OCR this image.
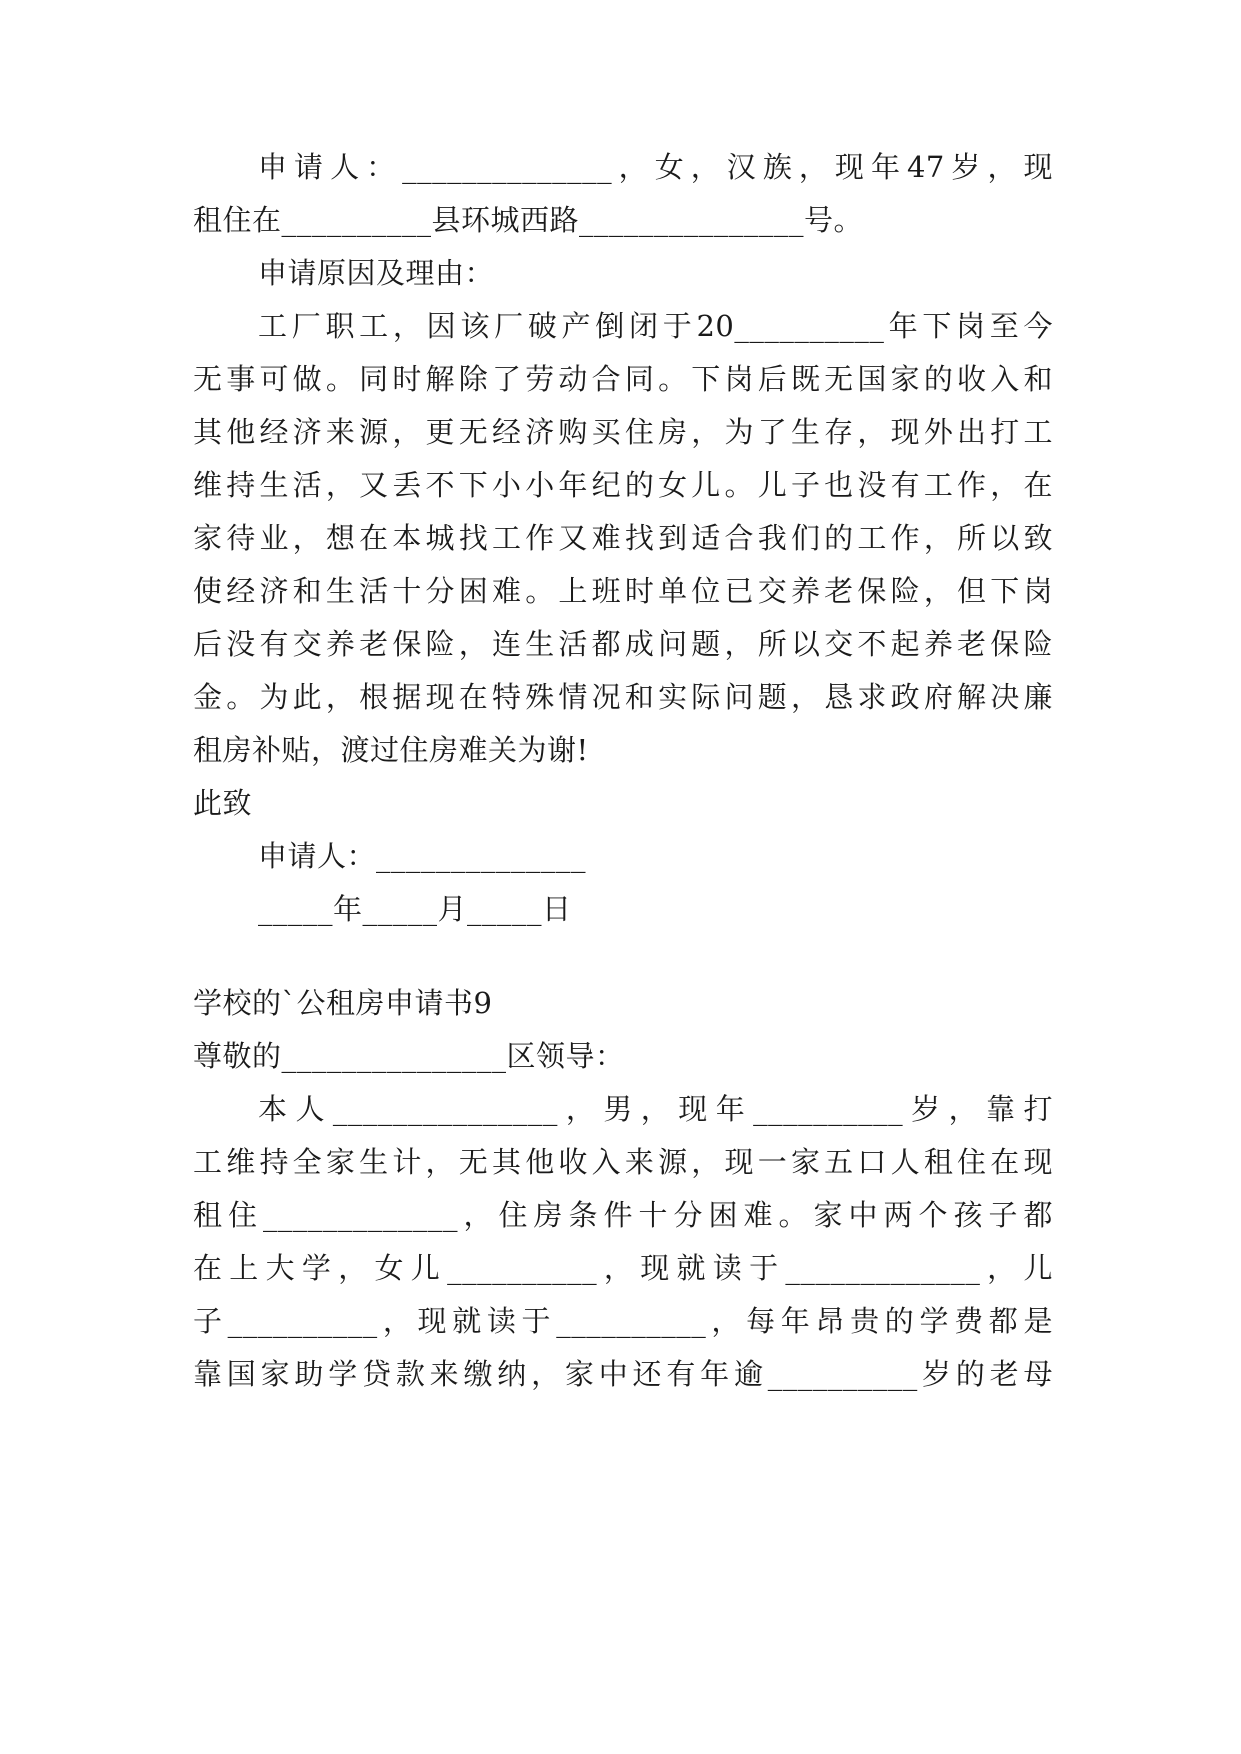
申请人：______________，女，汉族，现年47岁，现
租住在__________县环城西路_______________号。
申请原因及理由：
工厂职工，因该厂破产倒闭于20__________年下岗至今
无事可做。同时解除了劳动合同。下岗后既无国家的收入和
其他经济来源，更无经济购买住房，为了生存，现外出打工
维持生活，又丢不下小小年纪的女儿。儿子也没有工作，在
家待业，想在本城找工作又难找到适合我们的工作，所以致
使经济和生活十分困难。上班时单位已交养老保险，但下岗
后没有交养老保险，连生活都成问题，所以交不起养老保险
金。为此，根据现在特殊情况和实际问题，恳求政府解决廉
租房补贴，渡过住房难关为谢!
此致
申请人：______________
_____年_____月_____日
学校的`公租房申请书9
尊敬的_______________区领导：
本人_______________，男，现年__________岁，靠打
工维持全家生计，无其他收入来源，现一家五口人租住在现
租住_____________，住房条件十分困难。家中两个孩子都
在上大学，女儿__________，现就读于_____________，儿
子__________，现就读于__________，每年昂贵的学费都是
靠国家助学贷款来缴纳，家中还有年逾__________岁的老母
